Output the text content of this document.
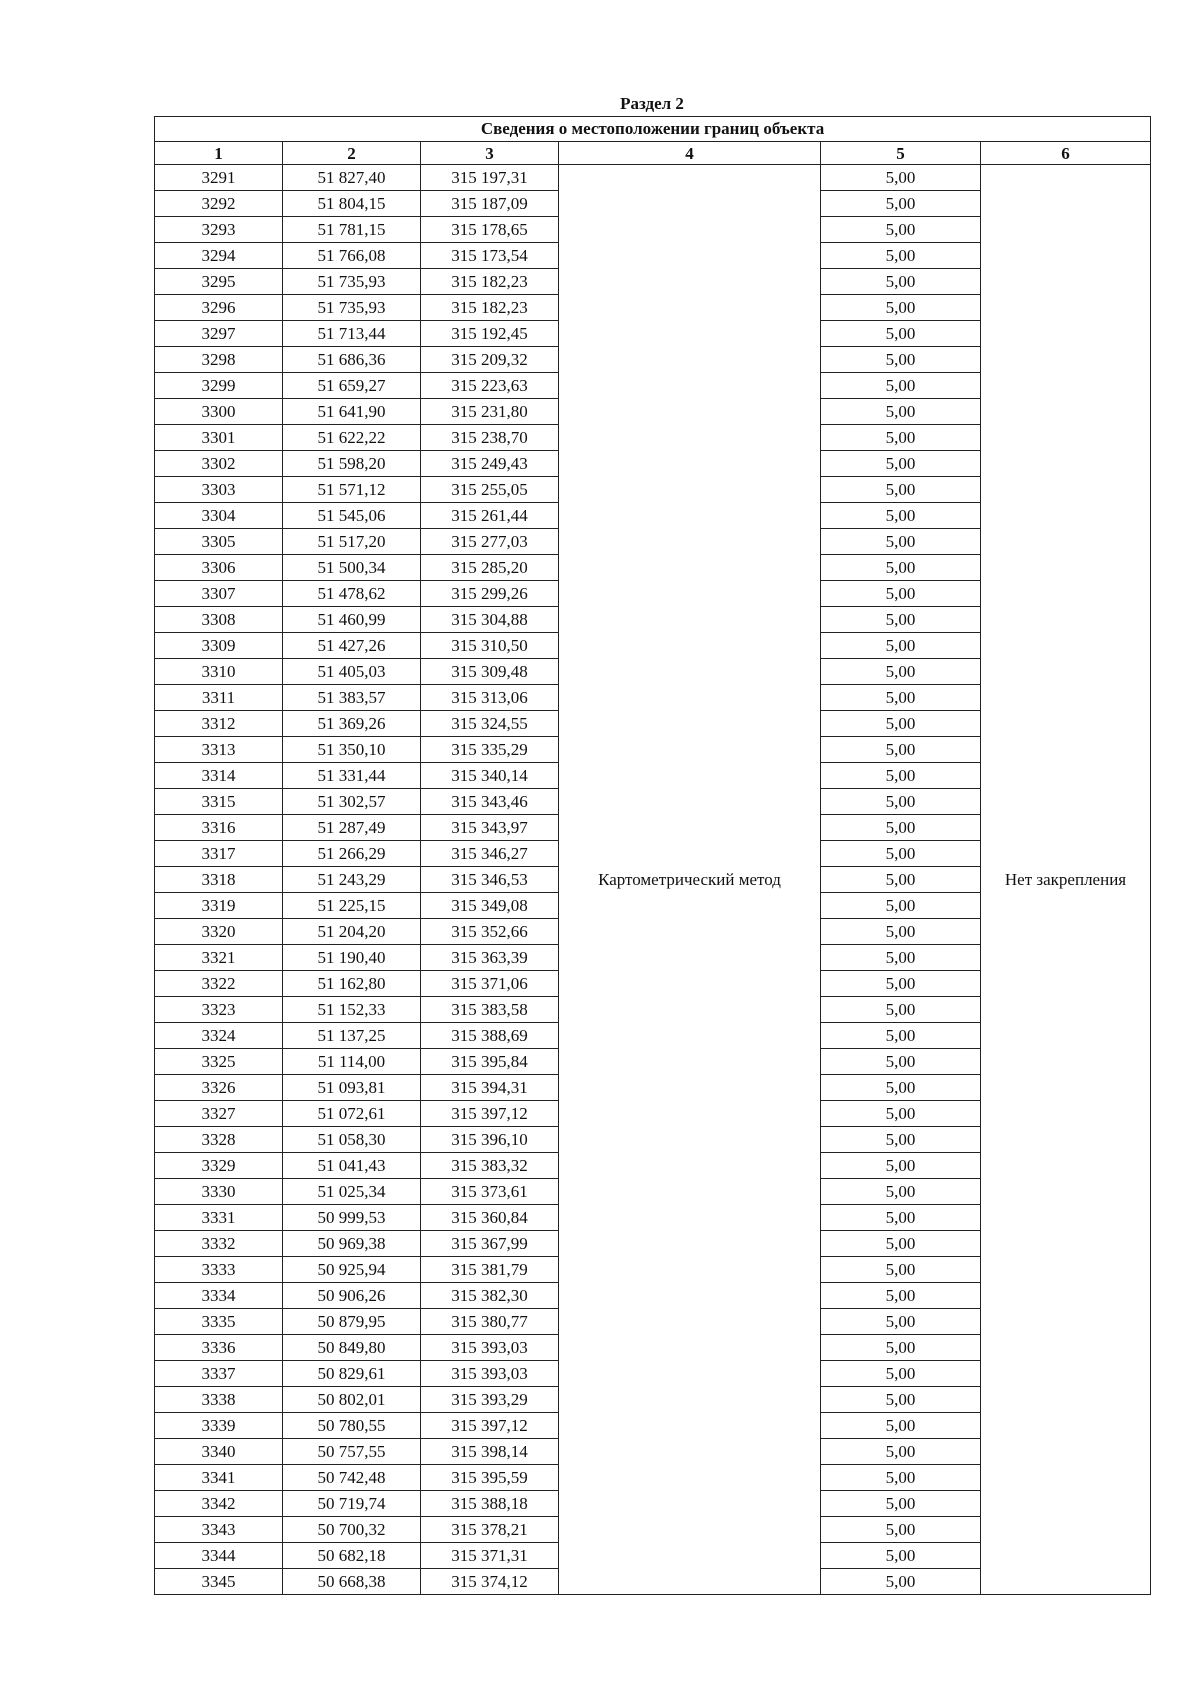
Раздел 2
Сведения о местоположении границ объекта					
1	2	3	4	5	6
3291	51 827,40	315 197,31	Картометрический метод	5,00	Нет закрепления
3292	51 804,15	315 187,09		5,00	
3293	51 781,15	315 178,65		5,00	
3294	51 766,08	315 173,54		5,00	
3295	51 735,93	315 182,23		5,00	
3296	51 735,93	315 182,23		5,00	
3297	51 713,44	315 192,45		5,00	
3298	51 686,36	315 209,32		5,00	
3299	51 659,27	315 223,63		5,00	
3300	51 641,90	315 231,80		5,00	
3301	51 622,22	315 238,70		5,00	
3302	51 598,20	315 249,43		5,00	
3303	51 571,12	315 255,05		5,00	
3304	51 545,06	315 261,44		5,00	
3305	51 517,20	315 277,03		5,00	
3306	51 500,34	315 285,20		5,00	
3307	51 478,62	315 299,26		5,00	
3308	51 460,99	315 304,88		5,00	
3309	51 427,26	315 310,50		5,00	
3310	51 405,03	315 309,48		5,00	
3311	51 383,57	315 313,06		5,00	
3312	51 369,26	315 324,55		5,00	
3313	51 350,10	315 335,29		5,00	
3314	51 331,44	315 340,14		5,00	
3315	51 302,57	315 343,46		5,00	
3316	51 287,49	315 343,97		5,00	
3317	51 266,29	315 346,27		5,00	
3318	51 243,29	315 346,53		5,00	
3319	51 225,15	315 349,08		5,00	
3320	51 204,20	315 352,66		5,00	
3321	51 190,40	315 363,39		5,00	
3322	51 162,80	315 371,06		5,00	
3323	51 152,33	315 383,58		5,00	
3324	51 137,25	315 388,69		5,00	
3325	51 114,00	315 395,84		5,00	
3326	51 093,81	315 394,31		5,00	
3327	51 072,61	315 397,12		5,00	
3328	51 058,30	315 396,10		5,00	
3329	51 041,43	315 383,32		5,00	
3330	51 025,34	315 373,61		5,00	
3331	50 999,53	315 360,84		5,00	
3332	50 969,38	315 367,99		5,00	
3333	50 925,94	315 381,79		5,00	
3334	50 906,26	315 382,30		5,00	
3335	50 879,95	315 380,77		5,00	
3336	50 849,80	315 393,03		5,00	
3337	50 829,61	315 393,03		5,00	
3338	50 802,01	315 393,29		5,00	
3339	50 780,55	315 397,12		5,00	
3340	50 757,55	315 398,14		5,00	
3341	50 742,48	315 395,59		5,00	
3342	50 719,74	315 388,18		5,00	
3343	50 700,32	315 378,21		5,00	
3344	50 682,18	315 371,31		5,00	
3345	50 668,38	315 374,12		5,00	
